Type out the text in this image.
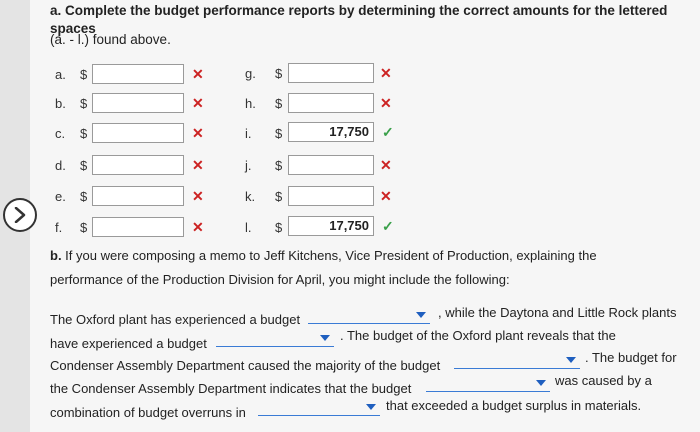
a. Complete the budget performance reports by determining the correct amounts for the lettered spaces
(a. - l.) found above.
a. $	✕
b. $	✕
c. $	✕
d. $	✕
e. $	✕
f. $	✕
g. $	✕
h. $	✕
i. $	17,750 ✓
j. $	✕
k. $	✕
l. $	17,750 ✓
b. If you were composing a memo to Jeff Kitchens, Vice President of Production, explaining the
performance of the Production Division for April, you might include the following:
The Oxford plant has experienced a budget	, while the Daytona and Little Rock plants
have experienced a budget
. The budget of the Oxford plant reveals that the
Condenser Assembly Department caused the majority of the budget
. The budget for
the Condenser Assembly Department indicates that the budget
was caused by a
combination of budget overruns in	that exceeded a budget surplus in materials.
